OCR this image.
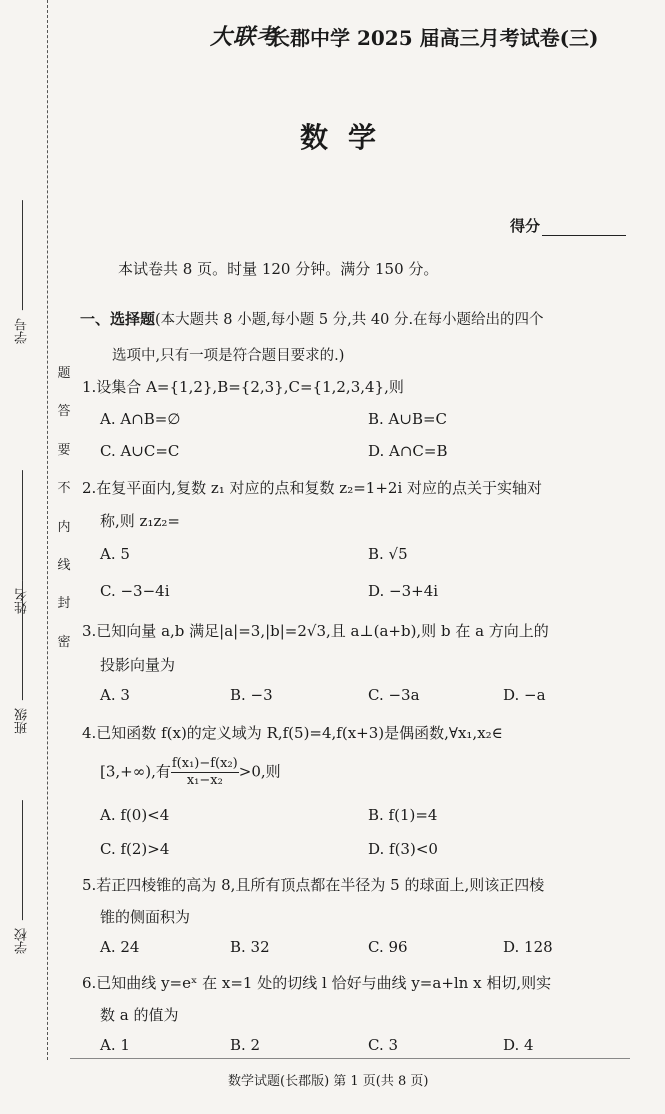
学号
姓名
班级
学校
题
答
要
不
内
线
封
密
大联考
长郡中学 2025 届高三月考试卷(三)
数学
得分
本试卷共 8 页。时量 120 分钟。满分 150 分。
一、选择题(本大题共 8 小题,每小题 5 分,共 40 分.在每小题给出的四个
选项中,只有一项是符合题目要求的.)
1.设集合 A={1,2},B={2,3},C={1,2,3,4},则
A. A∩B=∅	B. A∪B=C
C. A∪C=C	D. A∩C=B
2.在复平面内,复数 z₁ 对应的点和复数 z₂=1+2i 对应的点关于实轴对
称,则 z₁z₂=
A. 5	B. √5
C. −3−4i	D. −3+4i
3.已知向量 a,b 满足|a|=3,|b|=2√3,且 a⊥(a+b),则 b 在 a 方向上的
投影向量为
A. 3	B. −3	C. −3a	D. −a
4.已知函数 f(x)的定义域为 R,f(5)=4,f(x+3)是偶函数,∀x₁,x₂∈
[3,+∞),有 $\frac{\text{f(x₁)−f(x₂)}}{\text{x₁−x₂}} >0$,则
A. f(0)<4	B. f(1)=4
C. f(2)>4	D. f(3)<0
5.若正四棱锥的高为 8,且所有顶点都在半径为 5 的球面上,则该正四棱
锥的侧面积为
A. 24	B. 32	C. 96	D. 128
6.已知曲线 y=eˣ 在 x=1 处的切线 l 恰好与曲线 y=a+ln x 相切,则实
数 a 的值为
A. 1	B. 2	C. 3	D. 4
数学试题(长郡版) 第 1 页(共 8 页)
